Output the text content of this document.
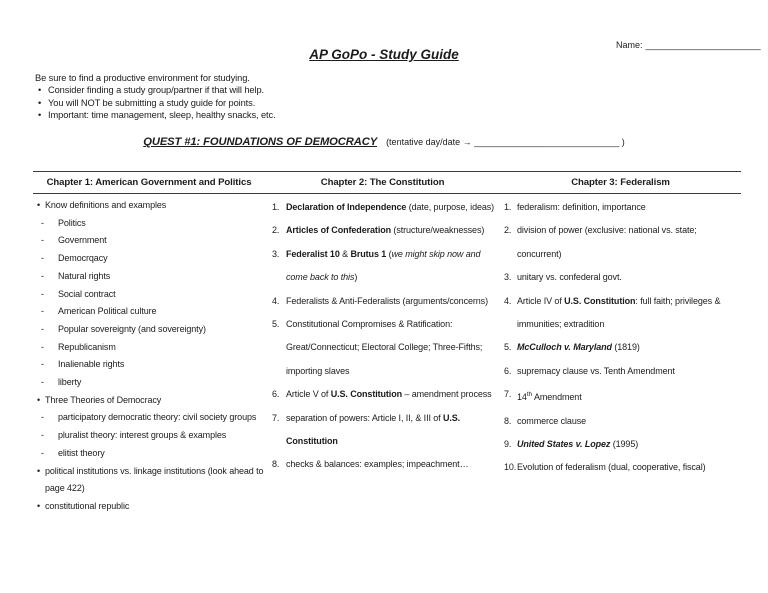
Name: _______________________
AP GoPo - Study Guide
Be sure to find a productive environment for studying.
• Consider finding a study group/partner if that will help.
• You will NOT be submitting a study guide for points.
• Important: time management, sleep, healthy snacks, etc.
QUEST #1: FOUNDATIONS OF DEMOCRACY (tentative day/date → _____________________________ )
Chapter 1: American Government and Politics	Chapter 2: The Constitution	Chapter 3: Federalism
• Know definitions and examples
- Politics
- Government
- Democrqacy
- Natural rights
- Social contract
- American Political culture
- Popular sovereignty (and sovereignty)
- Republicanism
- Inalienable rights
- liberty
• Three Theories of Democracy
- participatory democratic theory: civil society groups
- pluralist theory: interest groups & examples
- elitist theory
• political institutions vs. linkage institutions (look ahead to page 422)
• constitutional republic
1. Declaration of Independence (date, purpose, ideas)
2. Articles of Confederation (structure/weaknesses)
3. Federalist 10 & Brutus 1 (we might skip now and come back to this)
4. Federalists & Anti-Federalists (arguments/concerns)
5. Constitutional Compromises & Ratification: Great/Connecticut; Electoral College; Three-Fifths; importing slaves
6. Article V of U.S. Constitution – amendment process
7. separation of powers: Article I, II, & III of U.S. Constitution
8. checks & balances: examples; impeachment…
1. federalism: definition, importance
2. division of power (exclusive: national vs. state; concurrent)
3. unitary vs. confederal govt.
4. Article IV of U.S. Constitution: full faith; privileges & immunities; extradition
5. McCulloch v. Maryland (1819)
6. supremacy clause vs. Tenth Amendment
7. 14th Amendment
8. commerce clause
9. United States v. Lopez (1995)
10. Evolution of federalism (dual, cooperative, fiscal)
